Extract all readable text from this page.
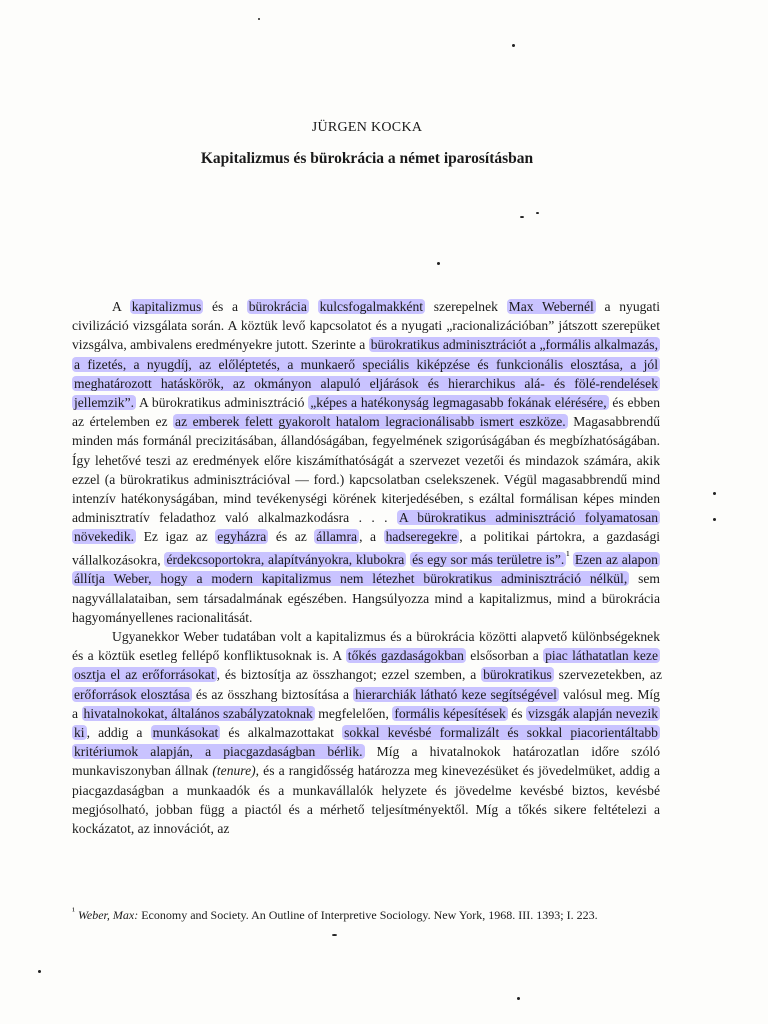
JÜRGEN KOCKA
Kapitalizmus és bürokrácia a német iparosításban

A kapitalizmus és a bürokrácia kulcsfogalmakként szerepelnek Max Webernél a nyugati civilizáció vizsgálata során. A köztük levő kapcsolatot és a nyugati „racionalizációban” játszott szerepüket vizsgálva, ambivalens eredményekre jutott. Szerinte a bürokratikus adminisztrációt a „formális alkalmazás, a fizetés, a nyugdíj, az előléptetés, a munkaerő speciális kiképzése és funkcionális elosztása, a jól meghatározott hatáskörök, az okmányon alapuló eljárások és hierarchikus alá- és fölé-rendelések jellemzik”. A bürokratikus adminisztráció „képes a hatékonyság legmagasabb fokának elérésére, és ebben az értelemben ez az emberek felett gyakorolt hatalom legracionálisabb ismert eszköze. Magasabbrendű minden más formánál precizitásában, állandóságában, fegyelmének szigorúságában és megbízhatóságában. Így lehetővé teszi az eredmények előre kiszámíthatóságát a szervezet vezetői és mindazok számára, akik ezzel (a bürokratikus adminisztrációval — ford.) kapcsolatban cselekszenek. Végül magasabbrendű mind intenzív hatékonyságában, mind tevékenységi körének kiterjedésében, s ezáltal formálisan képes minden adminisztratív feladathoz való alkalmazkodásra . . . A bürokratikus adminisztráció folyamatosan növekedik. Ez igaz az egyházra és az államra , a hadseregekre , a politikai pártokra, a gazdasági vállalkozásokra, érdekcsoportokra, alapítványokra, klubokra és egy sor más területre is”. $^{^1}$ Ezen az alapon állítja Weber, hogy a modern kapitalizmus nem létezhet bürokratikus adminisztráció nélkül, sem nagyvállalataiban, sem társadalmának egészében. Hangsúlyozza mind a kapitalizmus, mind a bürokrácia hagyományellenes racionalitását.

Ugyanekkor Weber tudatában volt a kapitalizmus és a bürokrácia közötti alapvető különbségeknek és a köztük esetleg fellépő konfliktusoknak is. A tőkés gazdaságokban elsősorban a piac láthatatlan keze osztja el az erőforrásokat , és biztosítja az összhangot; ezzel szemben, a bürokratikus szervezetekben, az erőforrások elosztása és az összhang biztosítása a hierarchiák látható keze segítségével valósul meg. Míg a hivatalnokokat, általános szabályzatoknak megfelelően, formális képesítések és vizsgák alapján nevezik ki , addig a munkásokat és alkalmazottakat sokkal kevésbé formalizált és sokkal piacorientáltabb kritériumok alapján, a piacgazdaságban bérlik. Míg a hivatalnokok határozatlan időre szóló munkaviszonyban állnak (tenure), és a rangidősség határozza meg kinevezésüket és jövedelmüket, addig a piacgazdaságban a munkaadók és a munkavállalók helyzete és jövedelme kevésbé biztos, kevésbé megjósolható, jobban függ a piactól és a mérhető teljesítményektől. Míg a tőkés sikere feltételezi a kockázatot, az innovációt, az

$^{^1}$ Weber, Max: Economy and Society. An Outline of Interpretive Sociology. New York, 1968. III. 1393; I. 223.
